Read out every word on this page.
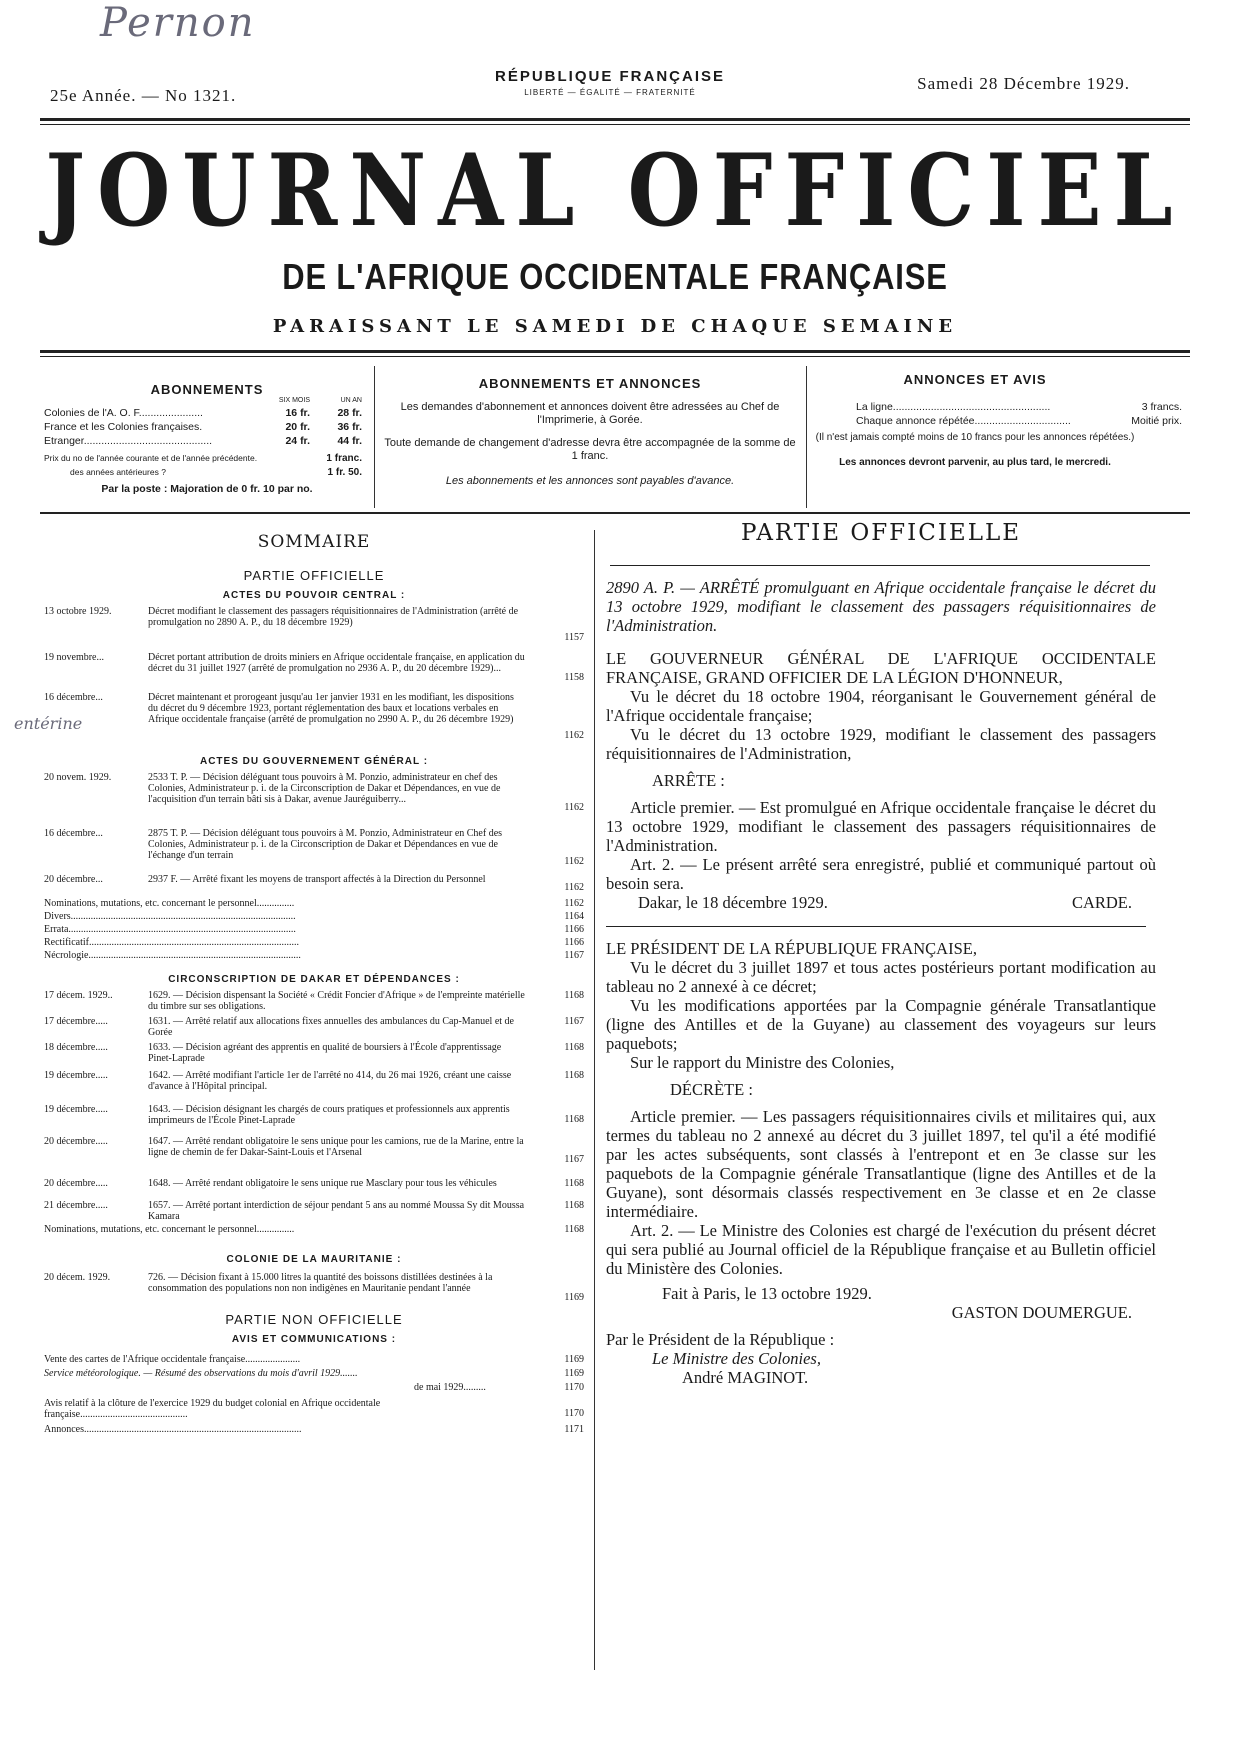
Pernon
entérine
25e Année. — No 1321.
RÉPUBLIQUE FRANÇAISE
LIBERTÉ — ÉGALITÉ — FRATERNITÉ	Samedi 28 Décembre 1929.
JOURNAL OFFICIEL
DE L'AFRIQUE OCCIDENTALE FRANÇAISE
PARAISSANT LE SAMEDI DE CHAQUE SEMAINE
ABONNEMENTS
SIX MOIS	UN AN
Colonies de l'A. O. F......................	16 fr.	28 fr.
France et les Colonies françaises.	20 fr.	36 fr.
Etranger............................................	24 fr.	44 fr.
Prix du no de l'année courante et de l'année précédente.	1 franc.
des années antérieures ?	1 fr. 50.
Par la poste : Majoration de 0 fr. 10 par no.
ABONNEMENTS ET ANNONCES

Les demandes d'abonnement et annonces doivent être adressées au Chef de l'Imprimerie, à Gorée.

Toute demande de changement d'adresse devra être accompagnée de la somme de 1 franc.

Les abonnements et les annonces sont payables d'avance.

ANNONCES ET AVIS
La ligne......................................................	3 francs.
Chaque annonce répétée.................................	Moitié prix.

(Il n'est jamais compté moins de 10 francs pour les annonces répétées.)

Les annonces devront parvenir, au plus tard, le mercredi.

SOMMAIRE
PARTIE OFFICIELLE
ACTES DU POUVOIR CENTRAL :
13 octobre 1929.	Décret modifiant le classement des passagers réquisitionnaires de l'Administration (arrêté de promulgation no 2890 A. P., du 18 décembre 1929)
1157
19 novembre...	Décret portant attribution de droits miniers en Afrique occidentale française, en application du décret du 31 juillet 1927 (arrêté de promulgation no 2936 A. P., du 20 décembre 1929)...
1158
16 décembre...	Décret maintenant et prorogeant jusqu'au 1er janvier 1931 en les modifiant, les dispositions du décret du 9 décembre 1923, portant réglementation des baux et locations verbales en Afrique occidentale française (arrêté de promulgation no 2990 A. P., du 26 décembre 1929)
1162
ACTES DU GOUVERNEMENT GÉNÉRAL :
20 novem. 1929.	2533 T. P. — Décision déléguant tous pouvoirs à M. Ponzio, administrateur en chef des Colonies, Administrateur p. i. de la Circonscription de Dakar et Dépendances, en vue de l'acquisition d'un terrain bâti sis à Dakar, avenue Jauréguiberry...
1162
16 décembre...	2875 T. P. — Décision déléguant tous pouvoirs à M. Ponzio, Administrateur en Chef des Colonies, Administrateur p. i. de la Circonscription de Dakar et Dépendances en vue de l'échange d'un terrain
1162
20 décembre...	2937 F. — Arrêté fixant les moyens de transport affectés à la Direction du Personnel
1162
Nominations, mutations, etc. concernant le personnel...............	1162
Divers..........................................................................................	1164
Errata...........................................................................................	1166
Rectificatif....................................................................................	1166
Nécrologie.....................................................................................	1167
CIRCONSCRIPTION DE DAKAR ET DÉPENDANCES :
17 décem. 1929..	1629. — Décision dispensant la Société « Crédit Foncier d'Afrique » de l'empreinte matérielle du timbre sur ses obligations.
1168
17 décembre.....	1631. — Arrêté relatif aux allocations fixes annuelles des ambulances du Cap-Manuel et de Gorée
1167
18 décembre.....	1633. — Décision agréant des apprentis en qualité de boursiers à l'École d'apprentissage Pinet-Laprade
1168
19 décembre.....	1642. — Arrêté modifiant l'article 1er de l'arrêté no 414, du 26 mai 1926, créant une caisse d'avance à l'Hôpital principal.
1168
19 décembre.....	1643. — Décision désignant les chargés de cours pratiques et professionnels aux apprentis imprimeurs de l'École Pinet-Laprade	1168
20 décembre.....	1647. — Arrêté rendant obligatoire le sens unique pour les camions, rue de la Marine, entre la ligne de chemin de fer Dakar-Saint-Louis et l'Arsenal
1167
20 décembre.....	1648. — Arrêté rendant obligatoire le sens unique rue Masclary pour tous les véhicules	1168
21 décembre.....	1657. — Arrêté portant interdiction de séjour pendant 5 ans au nommé Moussa Sy dit Moussa Kamara
1168
Nominations, mutations, etc. concernant le personnel...............	1168
COLONIE DE LA MAURITANIE :
20 décem. 1929.	726. — Décision fixant à 15.000 litres la quantité des boissons distillées destinées à la consommation des populations non non indigènes en Mauritanie pendant l'année
1169
PARTIE NON OFFICIELLE
AVIS ET COMMUNICATIONS :
Vente des cartes de l'Afrique occidentale française......................	1169
Service météorologique. — Résumé des observations du mois d'avril 1929.......	1169
de mai 1929.........	1170
Avis relatif à la clôture de l'exercice 1929 du budget colonial en Afrique occidentale française...........................................	1170
Annonces.......................................................................................	1171
PARTIE OFFICIELLE

2890 A. P. — ARRÊTÉ promulguant en Afrique occidentale française le décret du 13 octobre 1929, modifiant le classement des passagers réquisitionnaires de l'Administration.

LE GOUVERNEUR GÉNÉRAL DE L'AFRIQUE OCCIDENTALE FRANÇAISE, GRAND OFFICIER DE LA LÉGION D'HONNEUR,

Vu le décret du 18 octobre 1904, réorganisant le Gouvernement général de l'Afrique occidentale française;

Vu le décret du 13 octobre 1929, modifiant le classement des passagers réquisitionnaires de l'Administration,

ARRÊTE :

Article premier. — Est promulgué en Afrique occidentale française le décret du 13 octobre 1929, modifiant le classement des passagers réquisitionnaires de l'Administration.

Art. 2. — Le présent arrêté sera enregistré, publié et communiqué partout où besoin sera.

Dakar, le 18 décembre 1929.	CARDE.

LE PRÉSIDENT DE LA RÉPUBLIQUE FRANÇAISE,

Vu le décret du 3 juillet 1897 et tous actes postérieurs portant modification au tableau no 2 annexé à ce décret;

Vu les modifications apportées par la Compagnie générale Transatlantique (ligne des Antilles et de la Guyane) au classement des voyageurs sur leurs paquebots;

Sur le rapport du Ministre des Colonies,

DÉCRÈTE :

Article premier. — Les passagers réquisitionnaires civils et militaires qui, aux termes du tableau no 2 annexé au décret du 3 juillet 1897, tel qu'il a été modifié par les actes subséquents, sont classés à l'entrepont et en 3e classe sur les paquebots de la Compagnie générale Transatlantique (ligne des Antilles et de la Guyane), sont désormais classés respectivement en 3e classe et en 2e classe intermédiaire.

Art. 2. — Le Ministre des Colonies est chargé de l'exécution du présent décret qui sera publié au Journal officiel de la République française et au Bulletin officiel du Ministère des Colonies.

Fait à Paris, le 13 octobre 1929.

GASTON DOUMERGUE.

Par le Président de la République :

Le Ministre des Colonies,

André MAGINOT.
